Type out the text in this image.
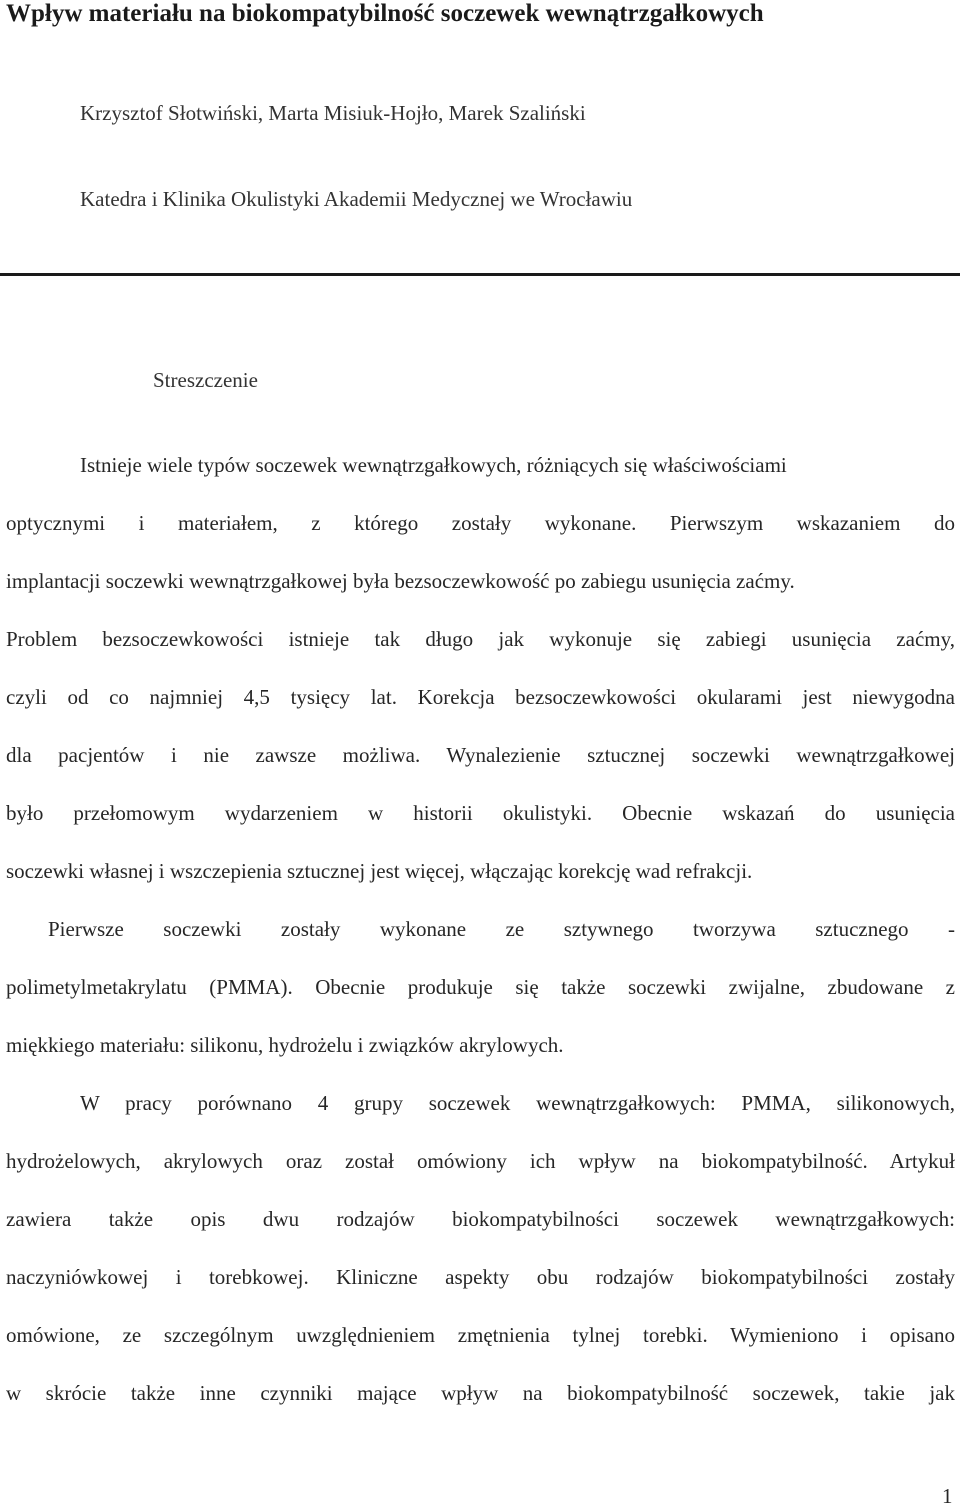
Wpływ materiału na biokompatybilność soczewek wewnątrzgałkowych

Krzysztof Słotwiński, Marta Misiuk-Hojło, Marek Szaliński

Katedra i Klinika Okulistyki Akademii Medycznej we Wrocławiu

Streszczenie

Istnieje wiele typów soczewek wewnątrzgałkowych, różniących się właściwościami

optycznymi i materiałem, z którego zostały wykonane. Pierwszym wskazaniem do

implantacji soczewki wewnątrzgałkowej była bezsoczewkowość po zabiegu usunięcia zaćmy.

Problem bezsoczewkowości istnieje tak długo jak wykonuje się zabiegi usunięcia zaćmy,

czyli od co najmniej 4,5 tysięcy lat. Korekcja bezsoczewkowości okularami jest niewygodna

dla pacjentów i nie zawsze możliwa. Wynalezienie sztucznej soczewki wewnątrzgałkowej

było przełomowym wydarzeniem w historii okulistyki. Obecnie wskazań do usunięcia

soczewki własnej i wszczepienia sztucznej jest więcej, włączając korekcję wad refrakcji.

Pierwsze soczewki zostały wykonane ze sztywnego tworzywa sztucznego -

polimetylmetakrylatu (PMMA). Obecnie produkuje się także soczewki zwijalne, zbudowane z

miękkiego materiału: silikonu, hydrożelu i związków akrylowych.

W pracy porównano 4 grupy soczewek wewnątrzgałkowych: PMMA, silikonowych,

hydrożelowych, akrylowych oraz został omówiony ich wpływ na biokompatybilność. Artykuł

zawiera także opis dwu rodzajów biokompatybilności soczewek wewnątrzgałkowych:

naczyniówkowej i torebkowej. Kliniczne aspekty obu rodzajów biokompatybilności zostały

omówione, ze szczególnym uwzględnieniem zmętnienia tylnej torebki. Wymieniono i opisano

w skrócie także inne czynniki mające wpływ na biokompatybilność soczewek, takie jak

1
